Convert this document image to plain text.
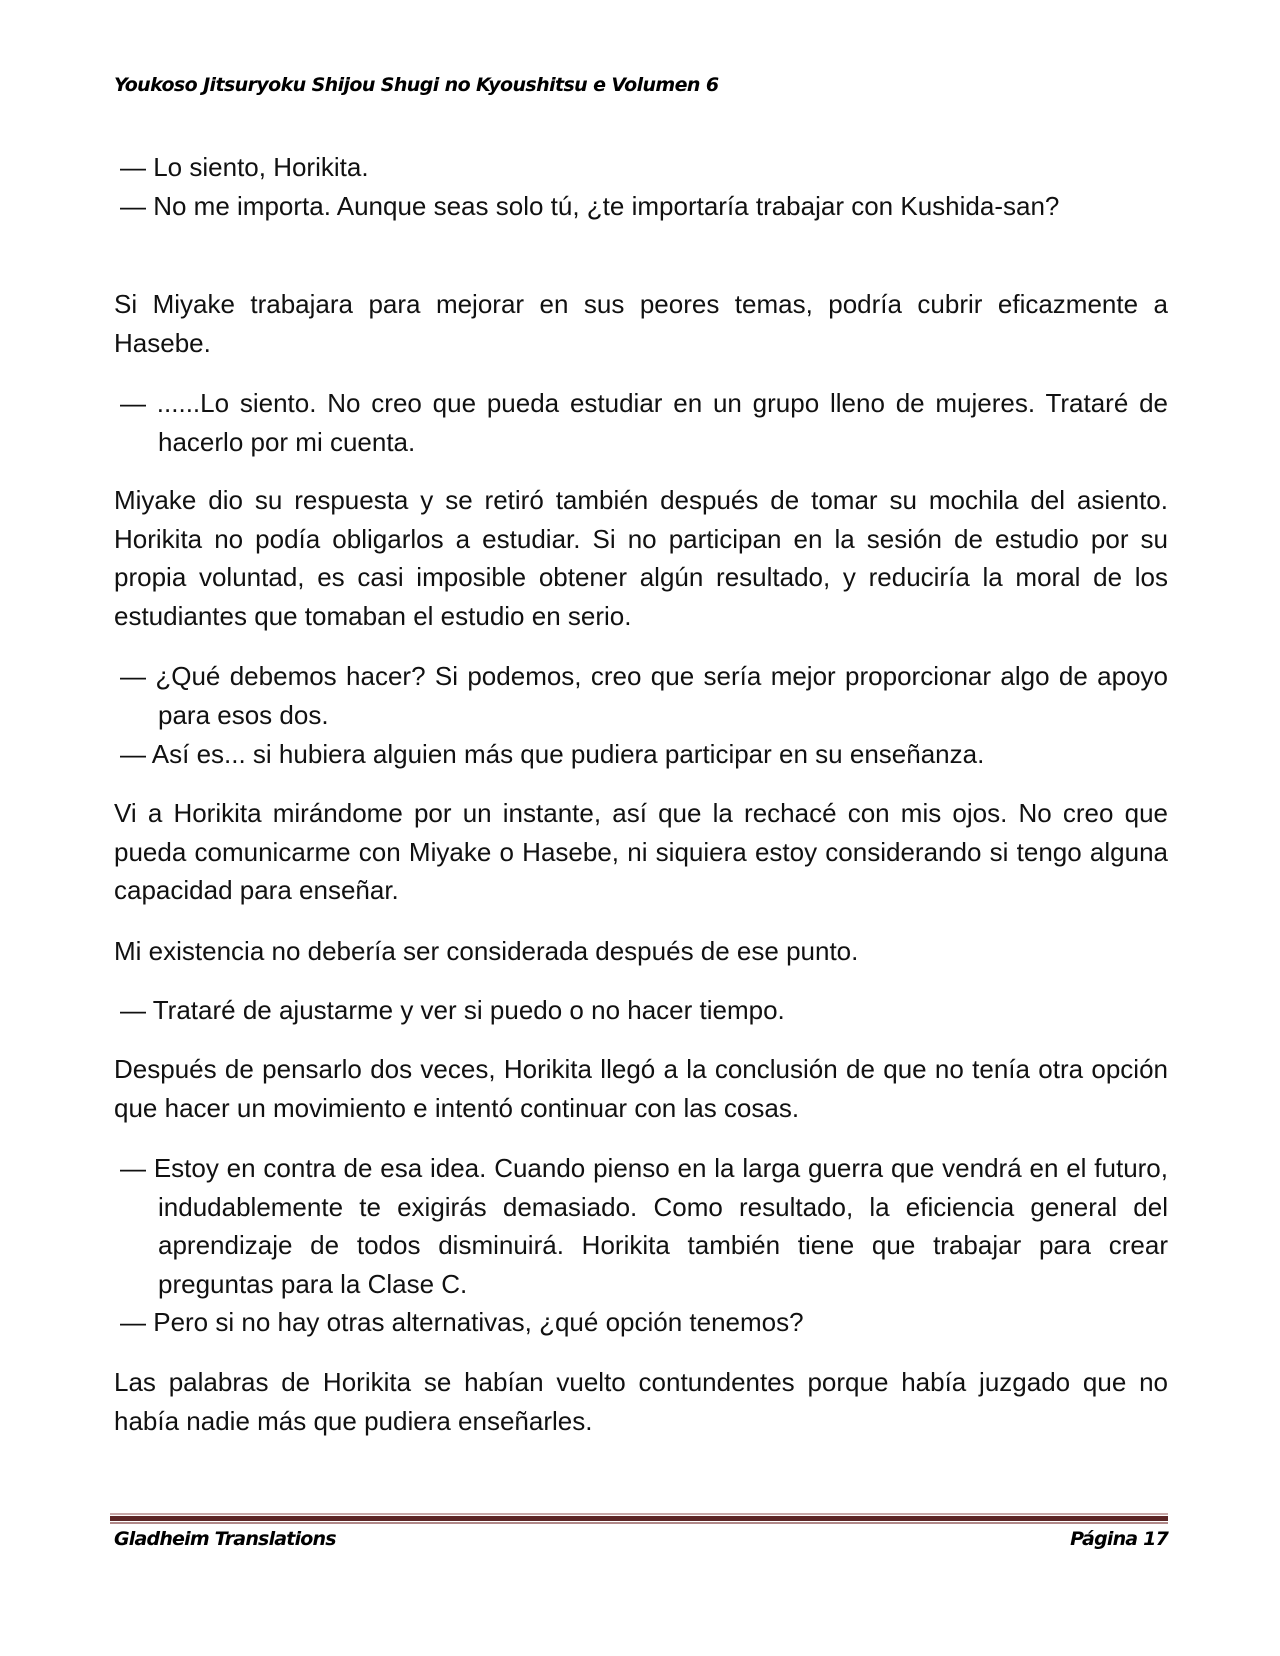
Youkoso Jitsuryoku Shijou Shugi no Kyoushitsu e Volumen 6
— Lo siento, Horikita.
— No me importa. Aunque seas solo tú, ¿te importaría trabajar con Kushida-san?
Si Miyake trabajara para mejorar en sus peores temas, podría cubrir eficazmente a Hasebe.
— ......Lo siento. No creo que pueda estudiar en un grupo lleno de mujeres. Trataré de hacerlo por mi cuenta.
Miyake dio su respuesta y se retiró también después de tomar su mochila del asiento. Horikita no podía obligarlos a estudiar. Si no participan en la sesión de estudio por su propia voluntad, es casi imposible obtener algún resultado, y reduciría la moral de los estudiantes que tomaban el estudio en serio.
— ¿Qué debemos hacer? Si podemos, creo que sería mejor proporcionar algo de apoyo para esos dos.
— Así es... si hubiera alguien más que pudiera participar en su enseñanza.
Vi a Horikita mirándome por un instante, así que la rechacé con mis ojos. No creo que pueda comunicarme con Miyake o Hasebe, ni siquiera estoy considerando si tengo alguna capacidad para enseñar.
Mi existencia no debería ser considerada después de ese punto.
— Trataré de ajustarme y ver si puedo o no hacer tiempo.
Después de pensarlo dos veces, Horikita llegó a la conclusión de que no tenía otra opción que hacer un movimiento e intentó continuar con las cosas.
— Estoy en contra de esa idea. Cuando pienso en la larga guerra que vendrá en el futuro, indudablemente te exigirás demasiado. Como resultado, la eficiencia general del aprendizaje de todos disminuirá. Horikita también tiene que trabajar para crear preguntas para la Clase C.
— Pero si no hay otras alternativas, ¿qué opción tenemos?
Las palabras de Horikita se habían vuelto contundentes porque había juzgado que no había nadie más que pudiera enseñarles.
Gladheim Translations	Página 17
